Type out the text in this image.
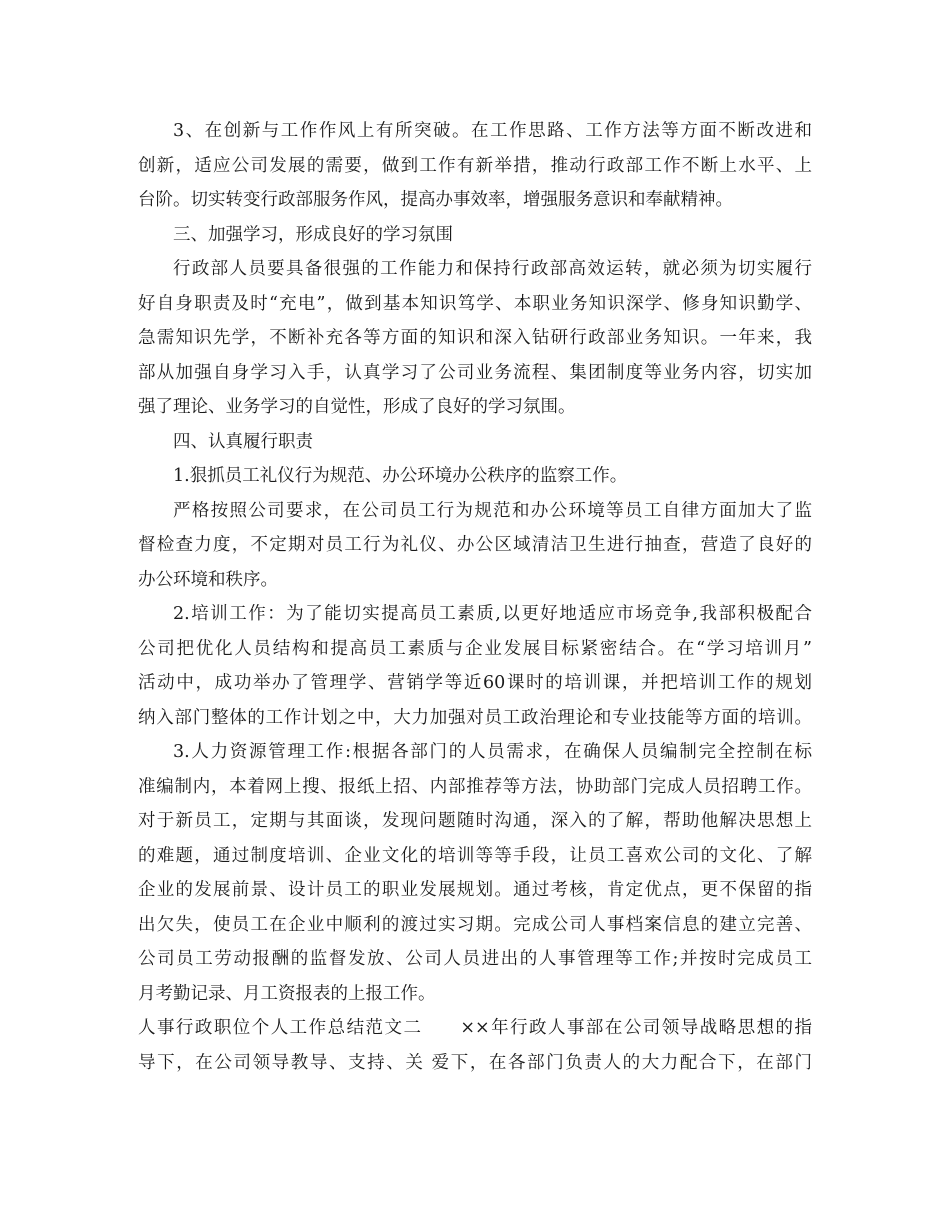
3、在创新与工作作风上有所突破。在工作思路、工作方法等方面不断改进和
创新，适应公司发展的需要，做到工作有新举措，推动行政部工作不断上水平、上
台阶。切实转变行政部服务作风，提高办事效率，增强服务意识和奉献精神。
三、加强学习，形成良好的学习氛围
行政部人员要具备很强的工作能力和保持行政部高效运转，就必须为切实履行
好自身职责及时“充电”，做到基本知识笃学、本职业务知识深学、修身知识勤学、
急需知识先学，不断补充各等方面的知识和深入钻研行政部业务知识。一年来，我
部从加强自身学习入手，认真学习了公司业务流程、集团制度等业务内容，切实加
强了理论、业务学习的自觉性，形成了良好的学习氛围。
四、认真履行职责
1.狠抓员工礼仪行为规范、办公环境办公秩序的监察工作。
严格按照公司要求，在公司员工行为规范和办公环境等员工自律方面加大了监
督检查力度，不定期对员工行为礼仪、办公区域清洁卫生进行抽查，营造了良好的
办公环境和秩序。
2.培训工作：为了能切实提高员工素质,以更好地适应市场竞争,我部积极配合
公司把优化人员结构和提高员工素质与企业发展目标紧密结合。在“学习培训月”
活动中，成功举办了管理学、营销学等近60课时的培训课，并把培训工作的规划
纳入部门整体的工作计划之中，大力加强对员工政治理论和专业技能等方面的培训。
3.人力资源管理工作:根据各部门的人员需求，在确保人员编制完全控制在标
准编制内，本着网上搜、报纸上招、内部推荐等方法，协助部门完成人员招聘工作。
对于新员工，定期与其面谈，发现问题随时沟通，深入的了解，帮助他解决思想上
的难题，通过制度培训、企业文化的培训等等手段，让员工喜欢公司的文化、了解
企业的发展前景、设计员工的职业发展规划。通过考核，肯定优点，更不保留的指
出欠失，使员工在企业中顺利的渡过实习期。完成公司人事档案信息的建立完善、
公司员工劳动报酬的监督发放、公司人员进出的人事管理等工作;并按时完成员工
月考勤记录、月工资报表的上报工作。
人事行政职位个人工作总结范文二　　××年行政人事部在公司领导战略思想的指
导下，在公司领导教导、支持、关 爱下，在各部门负责人的大力配合下，在部门
